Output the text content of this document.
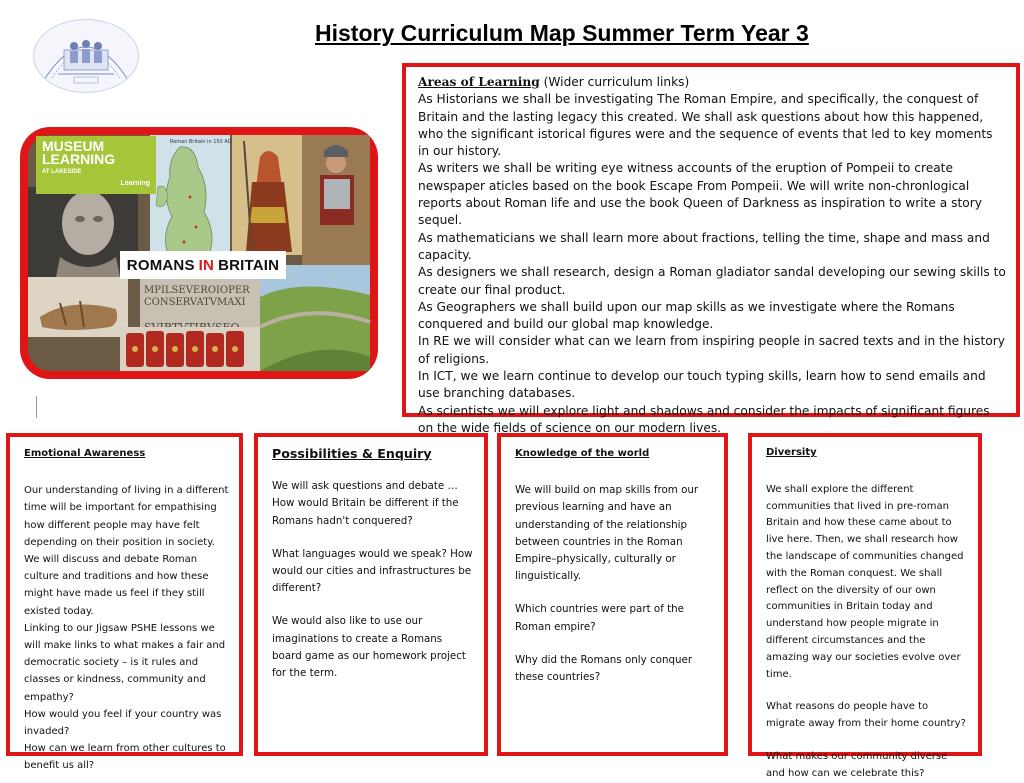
History Curriculum Map Summer Term Year 3
Roman Britain in 150 AD
MPILSEVEROIOPER
CONSERVATVMAXI
MUSEUM
LEARNING
AT LAKESIDE
Learning
ROMANS IN BRITAIN

Areas of Learning (Wider curriculum links)

As Historians we shall be investigating The Roman Empire, and specifically, the conquest of Britain and the lasting legacy this created. We shall ask questions about how this happened, who the significant istorical figures were and the sequence of events that led to key moments in our history.

As writers we shall be writing eye witness accounts of the eruption of Pompeii to create newspaper aticles based on the book Escape From Pompeii. We will write non-chronlogical reports about Roman life and use the book Queen of Darkness as inspiration to write a story sequel.

As mathematicians we shall learn more about fractions, telling the time, shape and mass and capacity.

As designers we shall research, design a Roman gladiator sandal developing our sewing skills to create our final product.

As Geographers we shall build upon our map skills as we investigate where the Romans conquered and build our global map knowledge.

In RE we will consider what can we learn from inspiring people in sacred texts and in the history of religions.

In ICT, we we learn continue to develop our touch typing skills, learn how to send emails and use branching databases.

As scientists we will explore light and shadows and consider the impacts of significant figures on the wide fields of science on our modern lives.

Emotional Awareness

Our understanding of living in a different time will be important for empathising how different people may have felt depending on their position in society. We will discuss and debate Roman culture and traditions and how these might have made us feel if they still existed today.

Linking to our Jigsaw PSHE lessons we will make links to what makes a fair and democratic society – is it rules and classes or kindness, community and empathy?

How would you feel if your country was invaded?

How can we learn from other cultures to benefit us all?

Possibilities & Enquiry

We will ask questions and debate … How would Britain be different if the Romans hadn't conquered?

What languages would we speak? How would our cities and infrastructures be different?

We would also like to use our imaginations to create a Romans board game as our homework project for the term.

Knowledge of the world

We will build on map skills from our previous learning and have an understanding of the relationship between countries in the Roman Empire–physically, culturally or linguistically.

Which countries were part of the Roman empire?

Why did the Romans only conquer these countries?

Diversity

We shall explore the different communities that lived in pre-roman Britain and how these came about to live here. Then, we shall research how the landscape of communities changed with the Roman conquest. We shall reflect on the diversity of our own communities in Britain today and understand how people migrate in different circumstances and the amazing way our societies evolve over time.

What reasons do people have to migrate away from their home country?

What makes our community diverse and how can we celebrate this?
